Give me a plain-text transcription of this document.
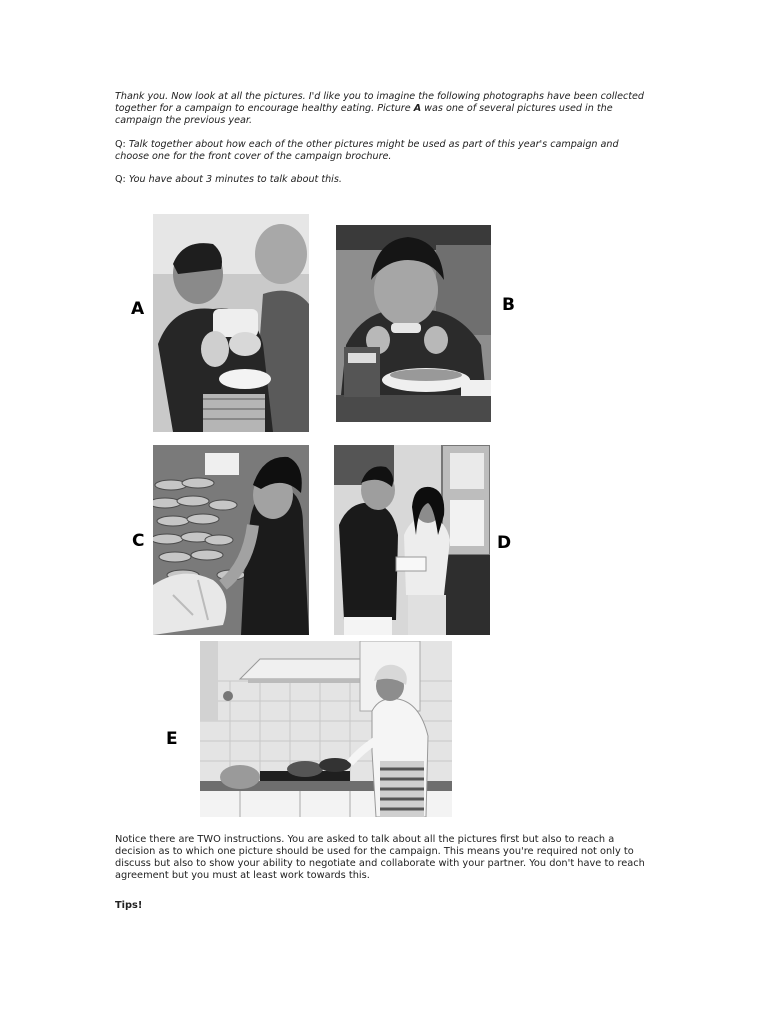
Thank you. Now look at all the pictures. I'd like you to imagine the following photographs have been collected together for a campaign to encourage healthy eating. Picture A was one of several pictures used in the campaign the previous year.
Q: Talk together about how each of the other pictures might be used as part of this year's campaign and choose one for the front cover of the campaign brochure.
Q: You have about 3 minutes to talk about this.
A	B
C	D
E
Notice there are TWO instructions. You are asked to talk about all the pictures first but also to reach a decision as to which one picture should be used for the campaign. This means you're required not only to discuss but also to show your ability to negotiate and collaborate with your partner. You don't have to reach agreement but you must at least work towards this.
Tips!
